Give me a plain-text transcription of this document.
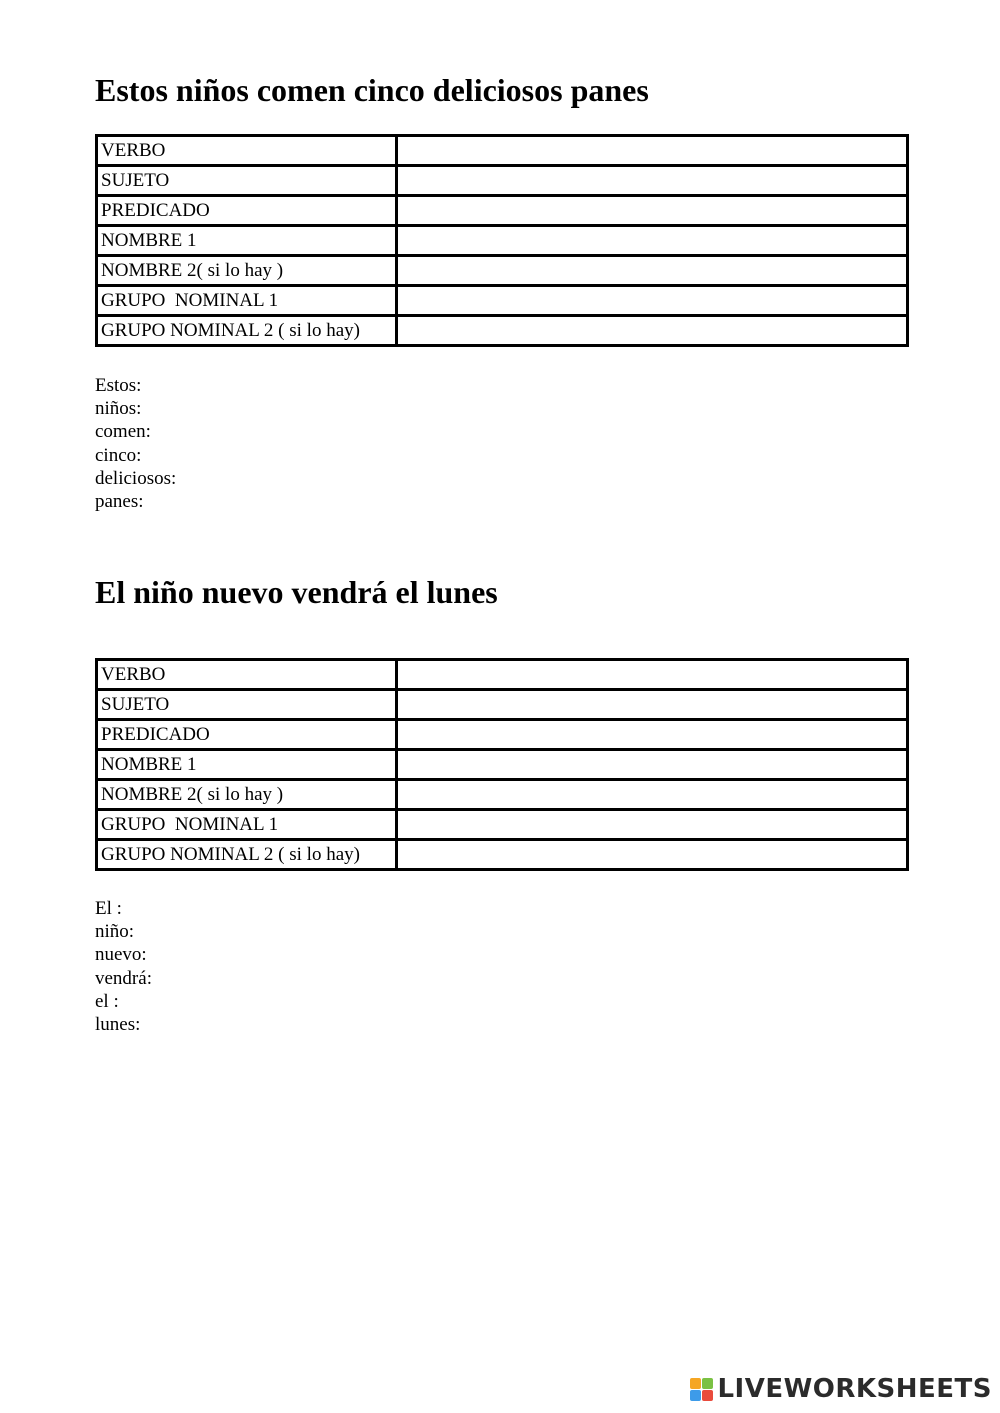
Estos niños comen cinco deliciosos panes
VERBO	
SUJETO	
PREDICADO	
NOMBRE 1	
NOMBRE 2( si lo hay )	
GRUPO  NOMINAL 1	
GRUPO NOMINAL 2 ( si lo hay)	
Estos:
niños:
comen:
cinco:
deliciosos:
panes:
El niño nuevo vendrá el lunes
VERBO	
SUJETO	
PREDICADO	
NOMBRE 1	
NOMBRE 2( si lo hay )	
GRUPO  NOMINAL 1	
GRUPO NOMINAL 2 ( si lo hay)	
El :
niño:
nuevo:
vendrá:
el :
lunes:
LIVEWORKSHEETS
